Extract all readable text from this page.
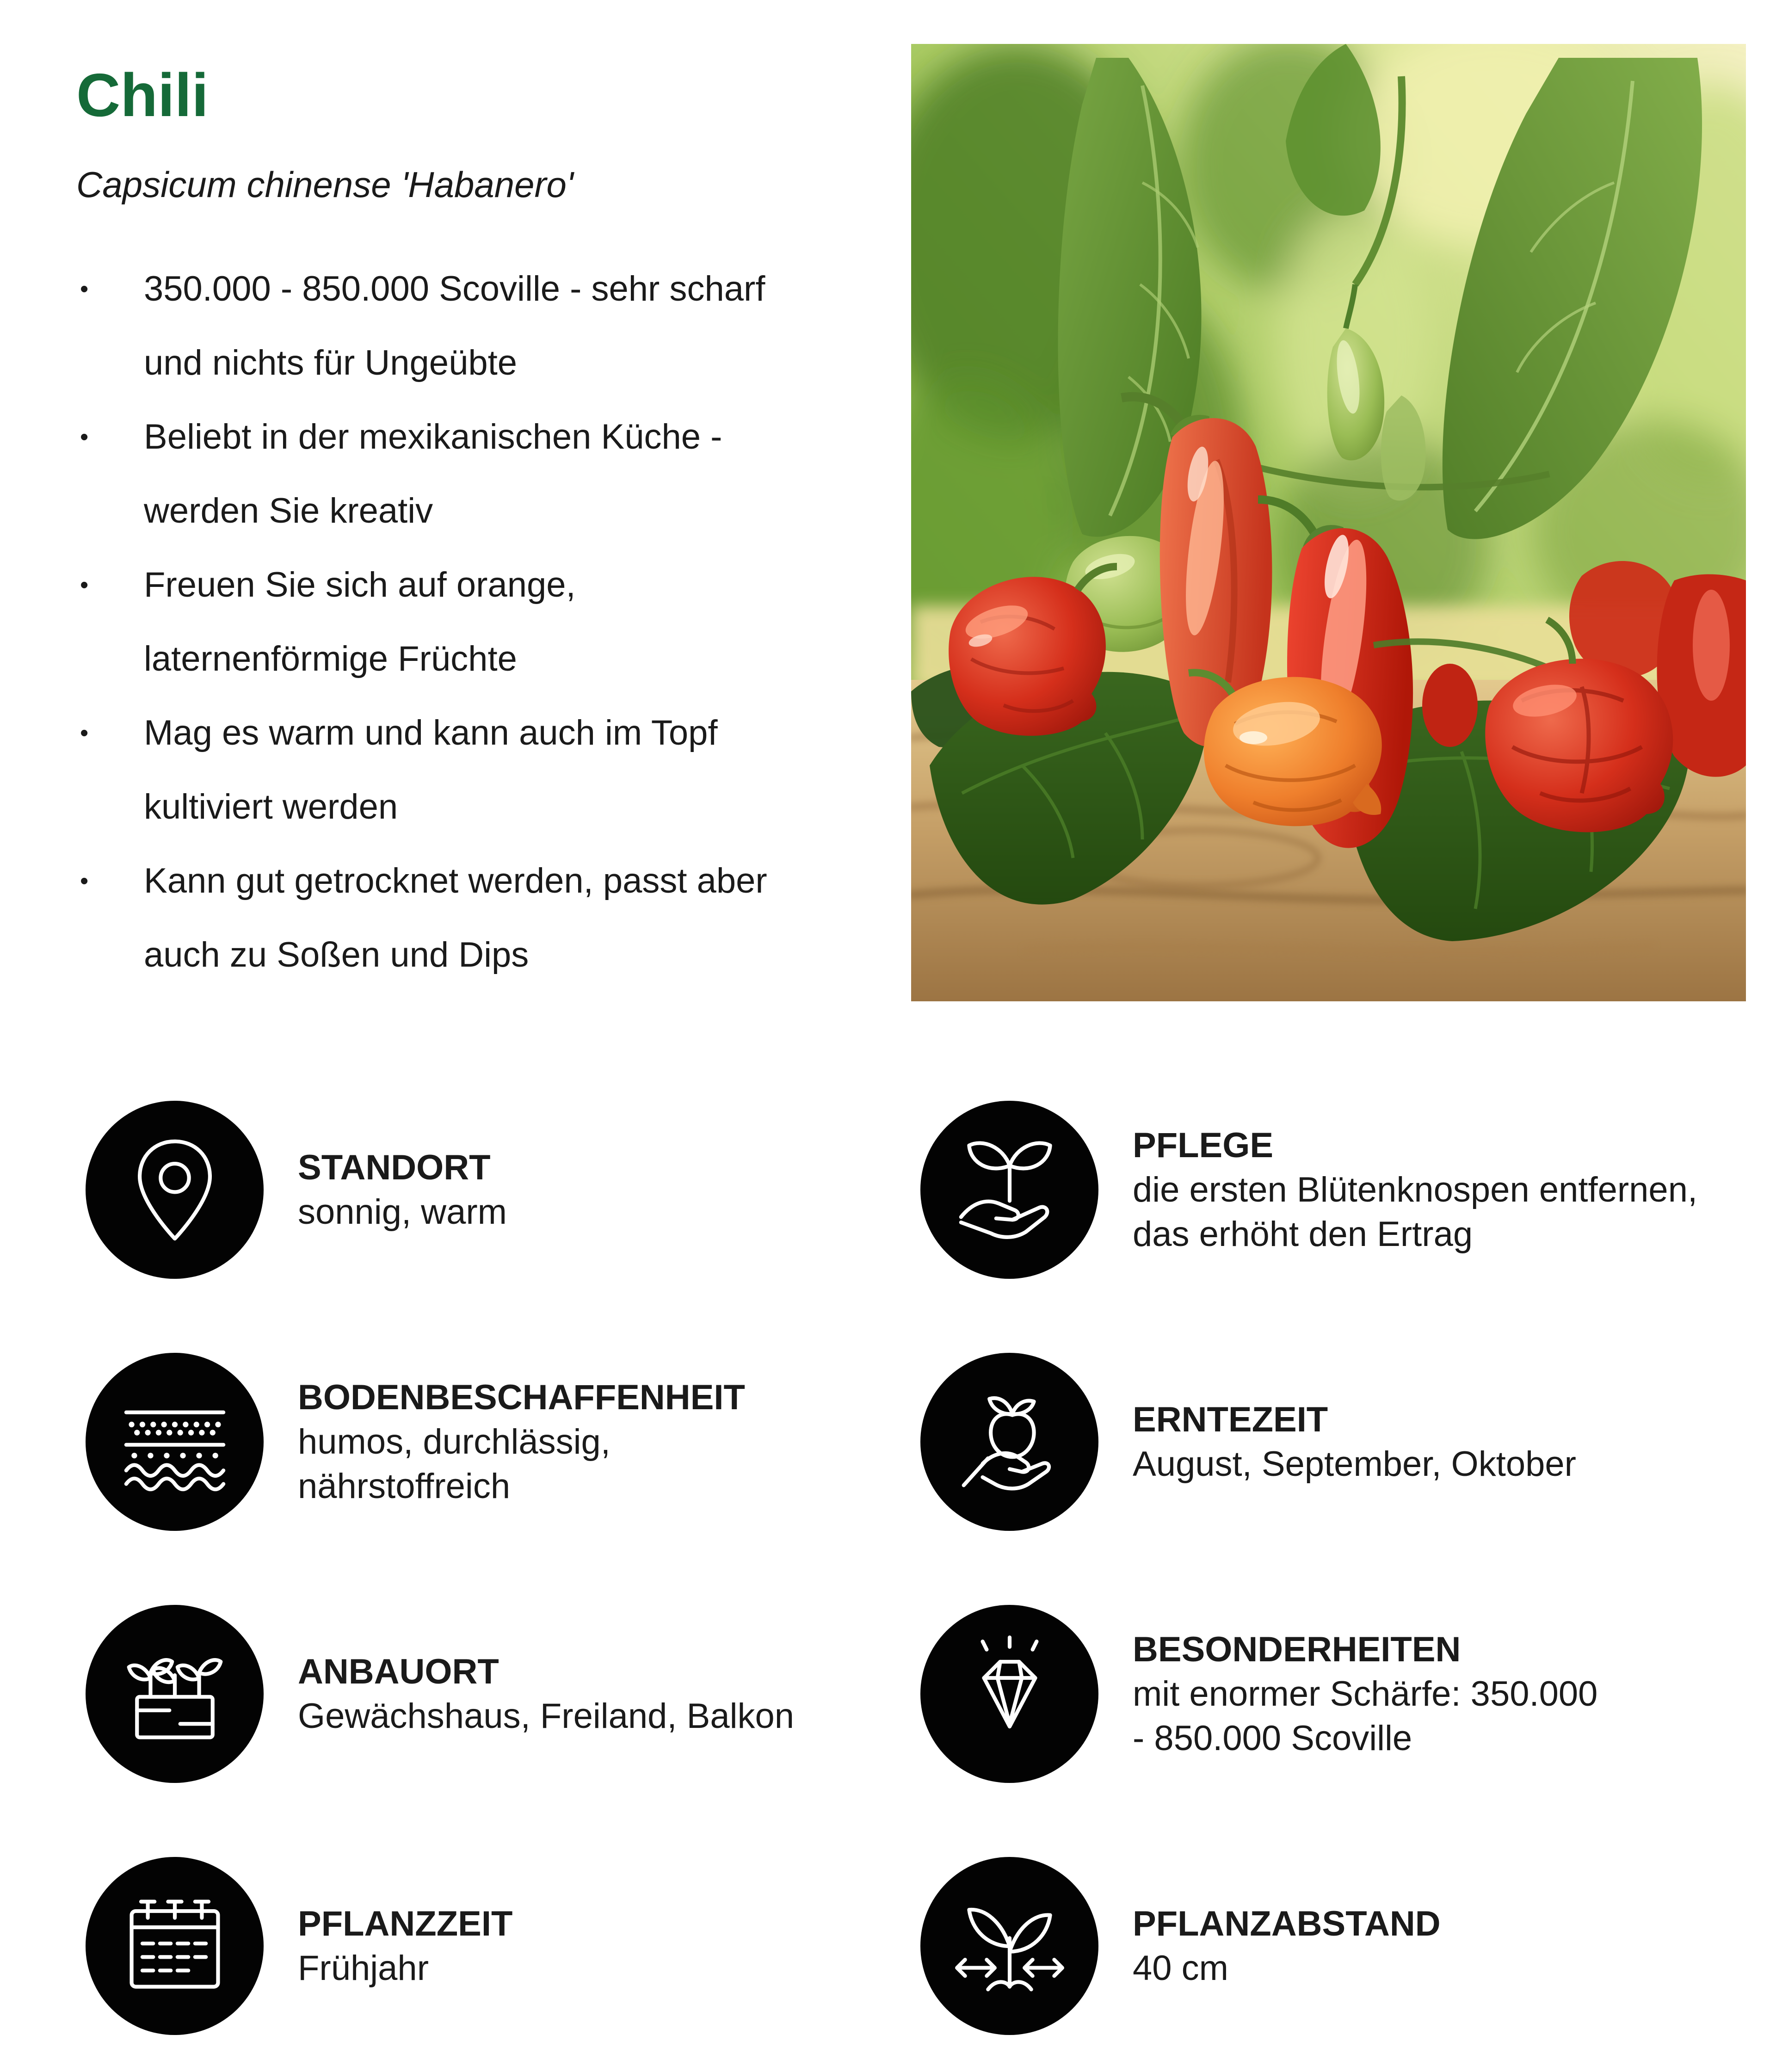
Chili

Capsicum chinense 'Habanero'

• 350.000 - 850.000 Scoville - sehr scharf
und nichts für Ungeübte
• Beliebt in der mexikanischen Küche -
werden Sie kreativ
• Freuen Sie sich auf orange,
laternenförmige Früchte
• Mag es warm und kann auch im Topf
kultiviert werden
• Kann gut getrocknet werden, passt aber
auch zu Soßen und Dips
STANDORT
sonnig, warm
PFLEGE
die ersten Blütenknospen entfernen,
das erhöht den Ertrag
BODENBESCHAFFENHEIT
humos, durchlässig,
nährstoffreich
ERNTEZEIT
August, September, Oktober
ANBAUORT
Gewächshaus, Freiland, Balkon
BESONDERHEITEN
mit enormer Schärfe: 350.000
- 850.000 Scoville
PFLANZZEIT
Frühjahr
PFLANZABSTAND
40 cm
